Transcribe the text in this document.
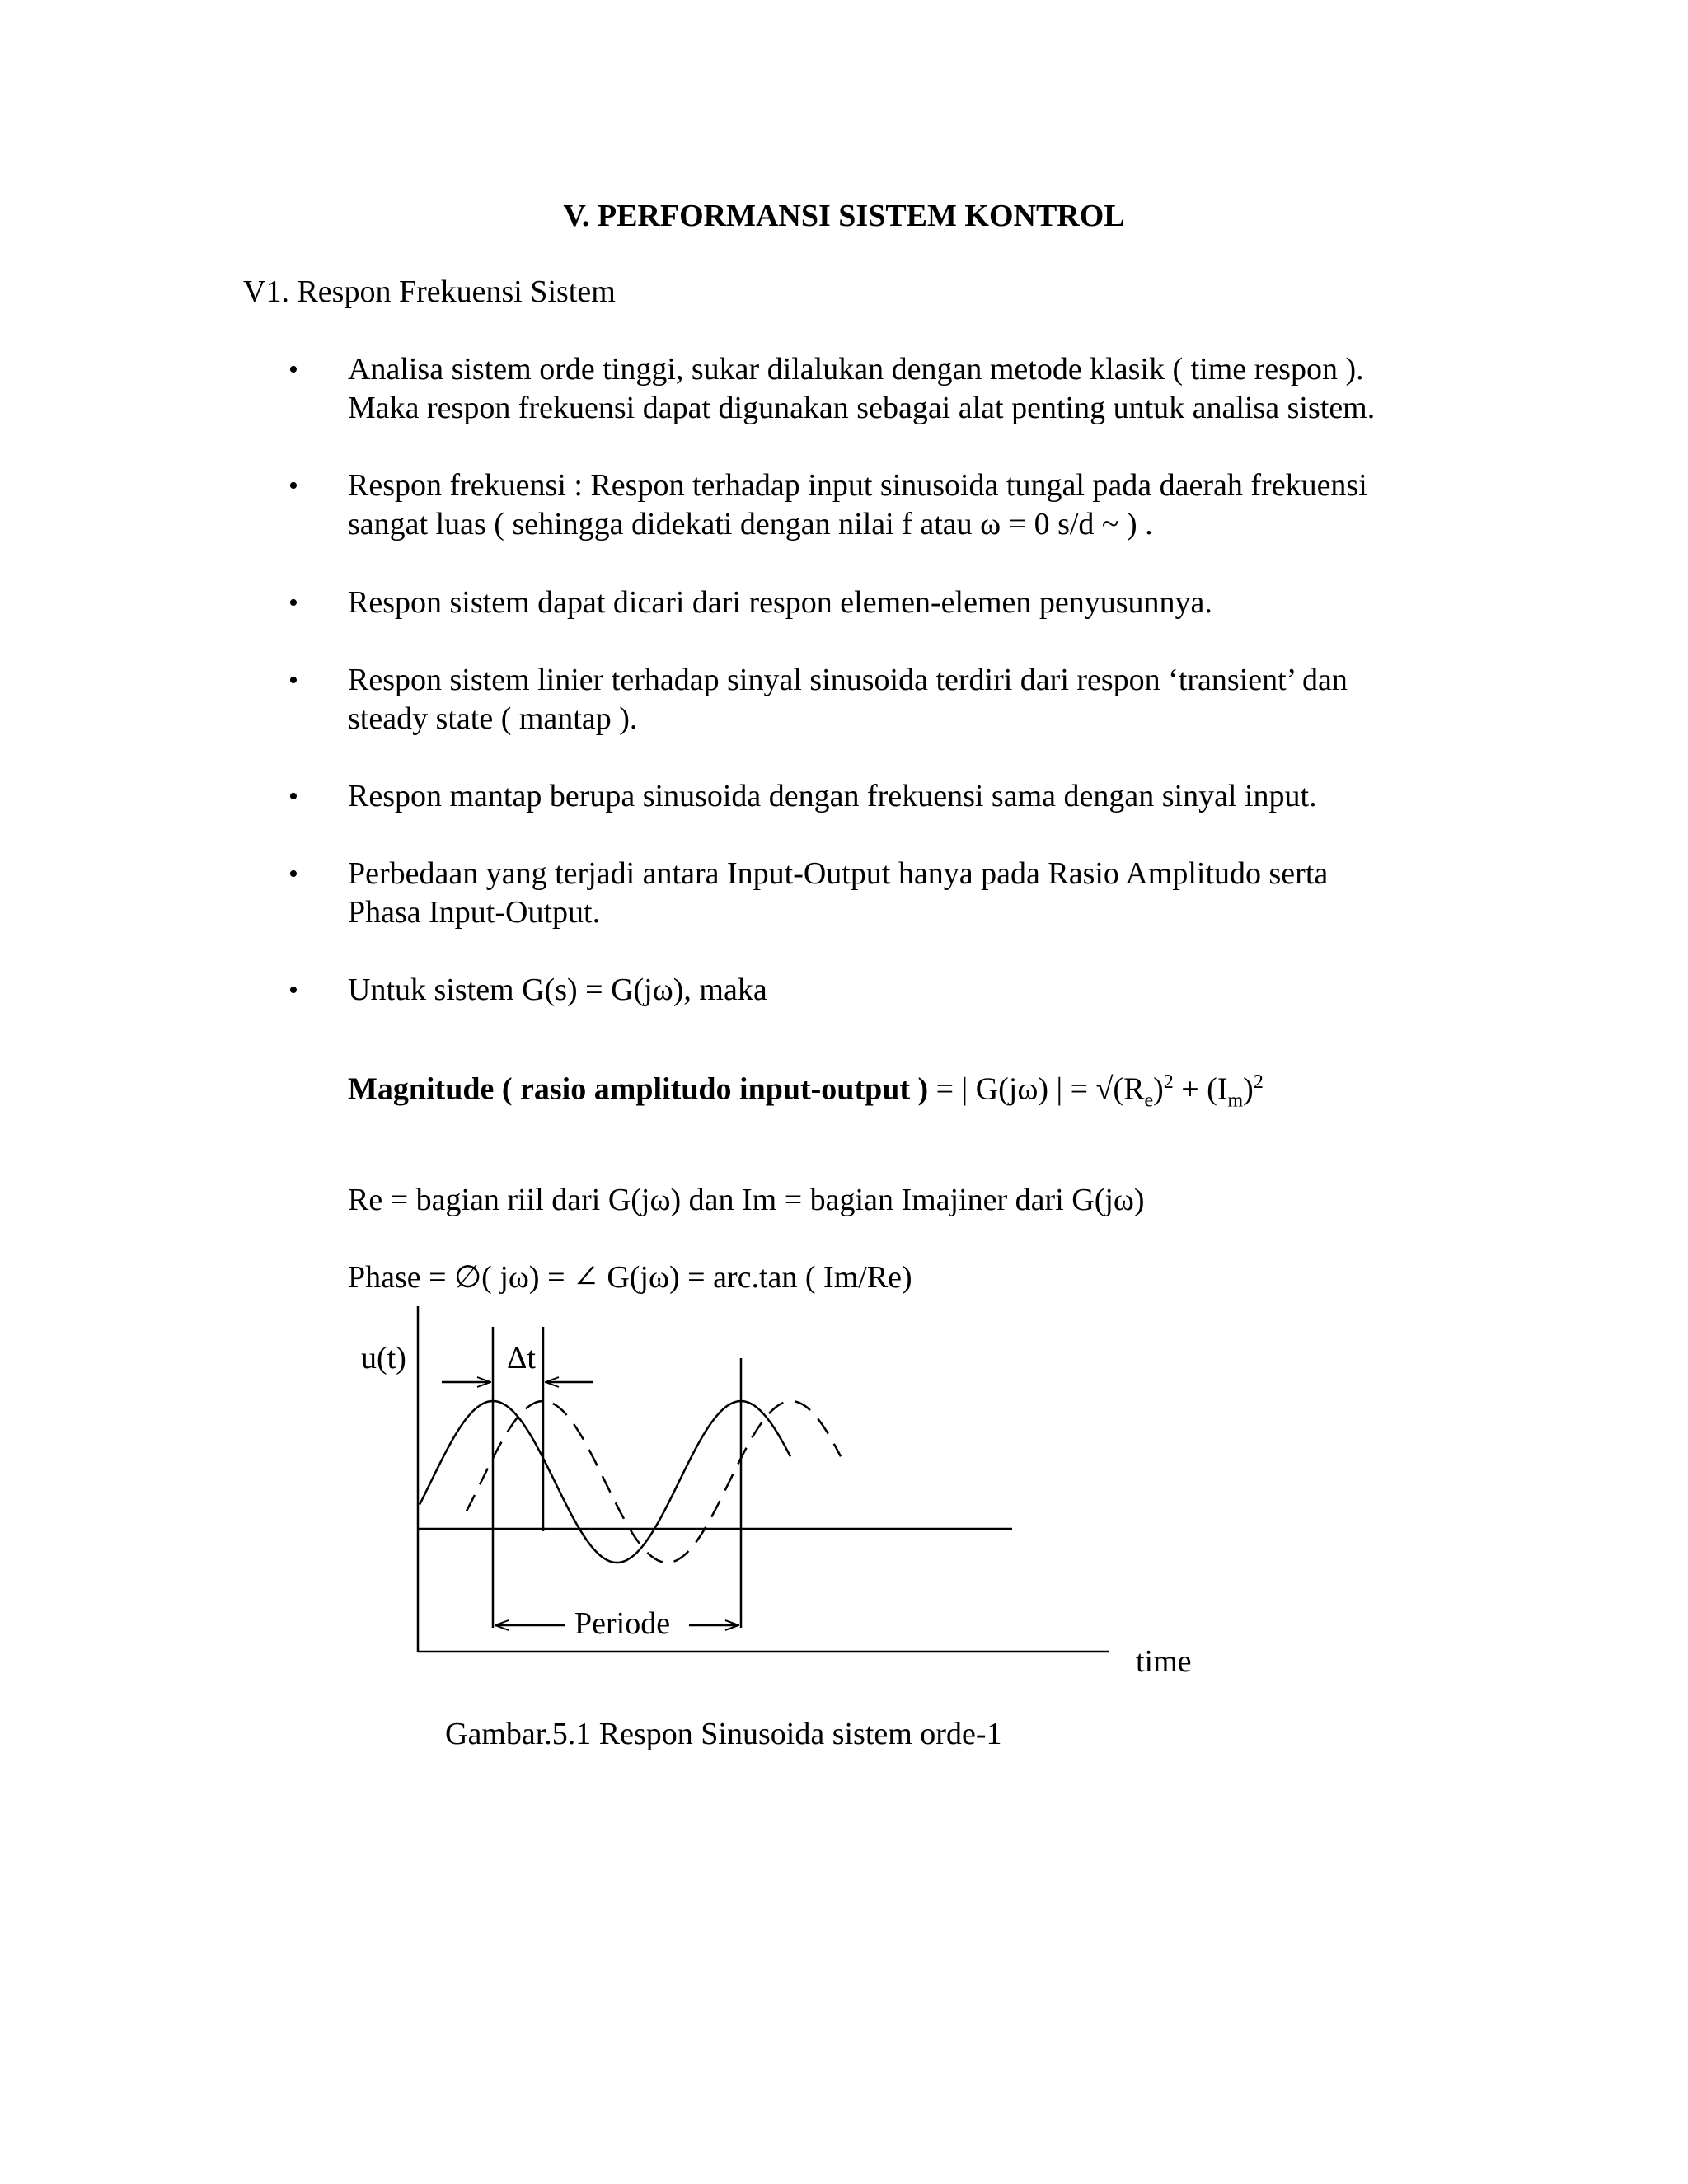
V. PERFORMANSI SISTEM KONTROL
V1. Respon Frekuensi Sistem
•	Analisa sistem orde tinggi, sukar dilalukan dengan metode klasik ( time respon ).
Maka respon frekuensi dapat digunakan sebagai alat penting untuk analisa sistem.
•	Respon frekuensi : Respon terhadap input sinusoida tungal pada daerah frekuensi
sangat luas ( sehingga didekati dengan nilai f atau ω = 0 s/d ~ ) .
•	Respon sistem dapat dicari dari respon elemen-elemen penyusunnya.
•	Respon sistem linier terhadap sinyal sinusoida terdiri dari respon ‘transient’ dan
steady state ( mantap ).
•	Respon mantap berupa sinusoida dengan frekuensi sama dengan sinyal input.
•	Perbedaan yang terjadi antara Input-Output hanya pada Rasio Amplitudo serta
Phasa Input-Output.
•	Untuk sistem G(s) = G(jω), maka
Magnitude ( rasio amplitudo input-output ) = | G(jω) | = $√(R_e)^2 + (I_m)^2$
Re = bagian riil dari G(jω) dan Im = bagian Imajiner dari G(jω)
Phase = ∅( jω) = ∠ G(jω) = arc.tan ( Im/Re)
u(t)	Δt
Periode
time
Gambar.5.1 Respon Sinusoida sistem orde-1
